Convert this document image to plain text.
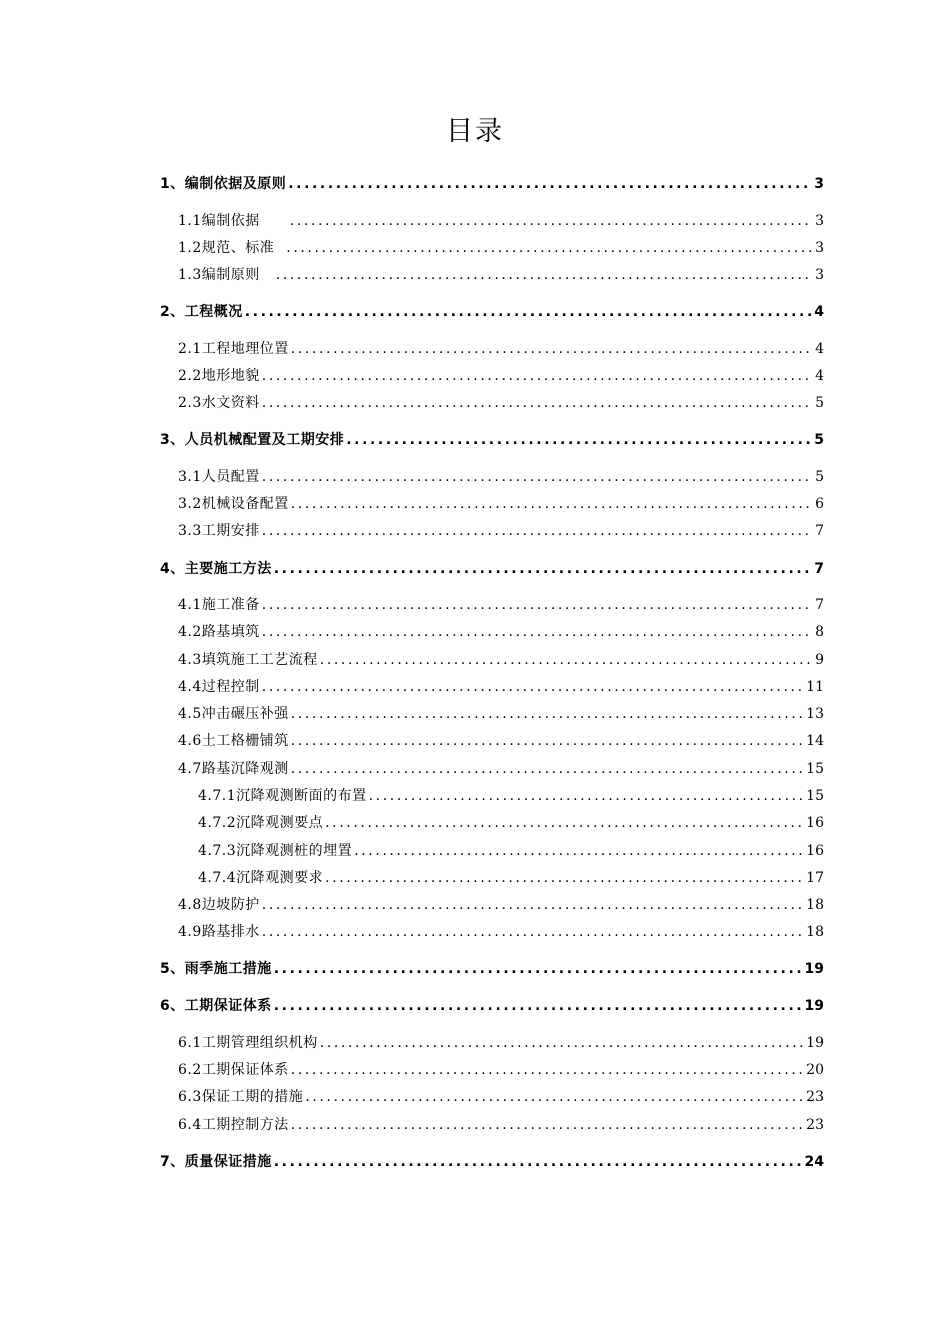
目录
1、编制依据及原则 .....	3
1.1编制依据 .....	3
1.2规范、标准 .....	3
1.3编制原则 .....	3
2、工程概况 .....	4
2.1工程地理位置 .....	4
2.2地形地貌 .....	4
2.3水文资料 .....	5
3、人员机械配置及工期安排 .....	5
3.1人员配置 .....	5
3.2机械设备配置 .....	6
3.3工期安排 .....	7
4、主要施工方法 .....	7
4.1施工准备 .....	7
4.2路基填筑 .....	8
4.3填筑施工工艺流程 .....	9
4.4过程控制 .....	11
4.5冲击碾压补强 .....	13
4.6土工格栅铺筑 .....	14
4.7路基沉降观测 .....	15
4.7.1沉降观测断面的布置 .....	15
4.7.2沉降观测要点 .....	16
4.7.3沉降观测桩的埋置 .....	16
4.7.4沉降观测要求 .....	17
4.8边坡防护 .....	18
4.9路基排水 .....	18
5、雨季施工措施 .....	19
6、工期保证体系 .....	19
6.1工期管理组织机构 .....	19
6.2工期保证体系 .....	20
6.3保证工期的措施 .....	23
6.4工期控制方法 .....	23
7、质量保证措施 .....	24
